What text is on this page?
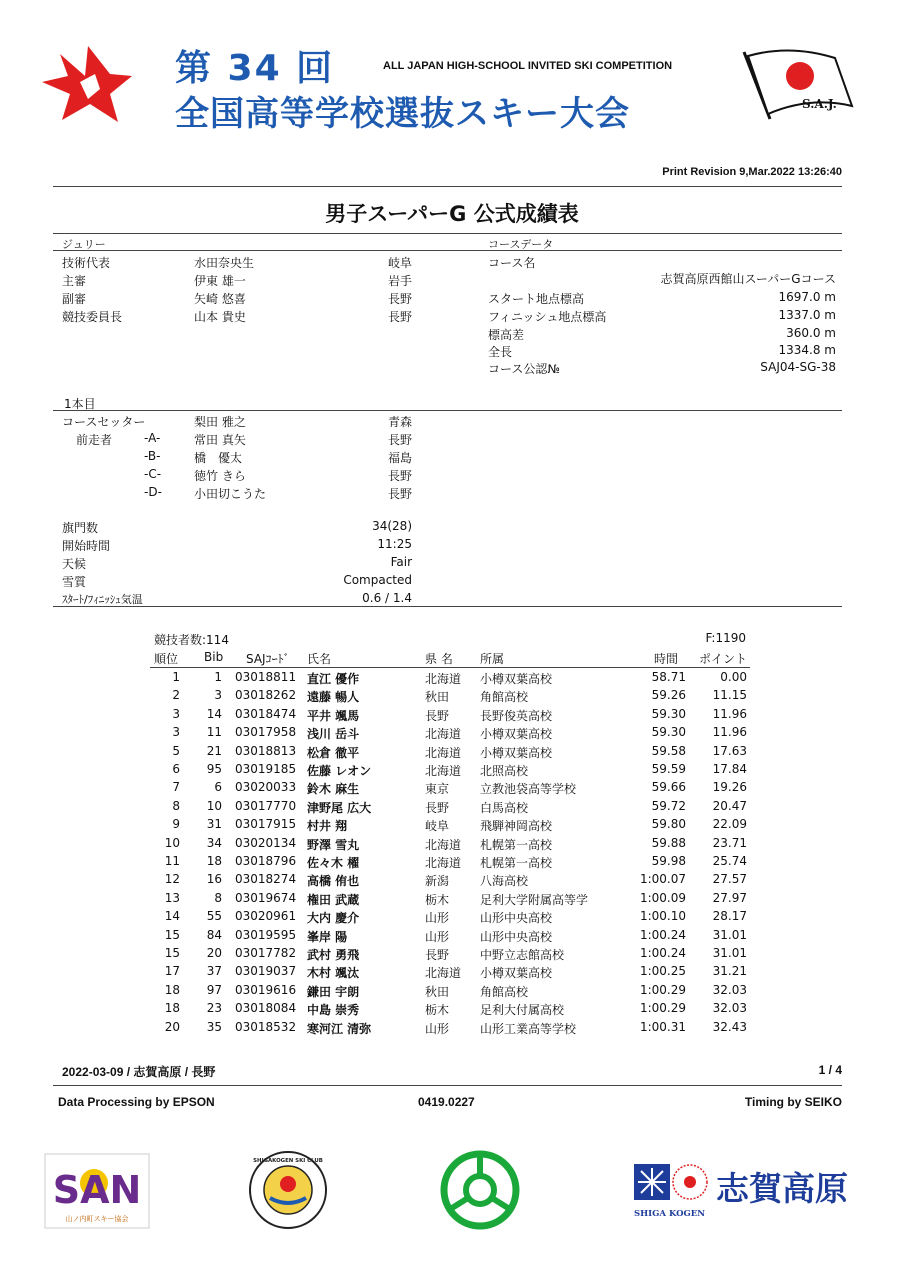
第 34 回	ALL JAPAN HIGH-SCHOOL INVITED SKI COMPETITION
全国高等学校選抜スキー大会	S.A.J.
Print Revision 9,Mar.2022 13:26:40
男子スーパーG 公式成績表
ジュリー	コースデータ
技術代表	水田奈央生	岐阜
主審	伊東 雄一	岩手
副審	矢崎 悠喜	長野
競技委員長	山本 貴史	長野
コース名
志賀高原西館山スーパーGコース
スタート地点標高	1697.0 m
フィニッシュ地点標高	1337.0 m
標高差	360.0 m
全長	1334.8 m
コース公認№	SAJ04-SG-38
1本目
コースセッター	梨田 雅之	青森
前走者	-A-	常田 真矢	長野
-B-	橋　優太	福島
-C-	徳竹 きら	長野
-D-	小田切こうた	長野
旗門数	34(28)
開始時間	11:25
天候	Fair
雪質	Compacted
ｽﾀｰﾄ/ﾌｨﾆｯｼｭ気温	0.6 / 1.4
競技者数:114	F:1190
順位 Bib SAJｺｰﾄﾞ 氏名	県 名 所属	時間 ポイント
1	1 03018811 直江 優作	北海道 小樽双葉高校	58.71	0.00
2	3 03018262 遠藤 暢人	秋田	角館高校	59.26 11.15
3 14 03018474 平井 颯馬	長野	長野俊英高校	59.30 11.96
3 11 03017958 浅川 岳斗	北海道 小樽双葉高校	59.30 11.96
5 21 03018813 松倉 徹平	北海道 小樽双葉高校	59.58 17.63
6 95 03019185 佐藤 レオン	北海道 北照高校	59.59 17.84
7	6 03020033 鈴木 麻生	東京	立教池袋高等学校	59.66 19.26
8 10 03017770 津野尾 広大	長野	白馬高校	59.72 20.47
9 31 03017915 村井 翔	岐阜	飛騨神岡高校	59.80 22.09
10 34 03020134 野澤 雪丸	北海道 札幌第一高校	59.88 23.71
11 18 03018796 佐々木 櫂	北海道 札幌第一高校	59.98 25.74
12 16 03018274 高橋 侑也	新潟	八海高校	1:00.07 27.57
13	8 03019674 権田 武蔵	栃木	足利大学附属高等学	1:00.09 27.97
14 55 03020961 大内 慶介	山形	山形中央高校	1:00.10 28.17
15 84 03019595 峯岸 陽	山形	山形中央高校	1:00.24 31.01
15 20 03017782 武村 勇飛	長野	中野立志館高校	1:00.24 31.01
17 37 03019037 木村 颯汰	北海道 小樽双葉高校	1:00.25 31.21
18 97 03019616 鎌田 宇朗	秋田	角館高校	1:00.29 32.03
18 23 03018084 中島 崇秀	栃木	足利大付属高校	1:00.29 32.03
20 35 03018532 寒河江 清弥	山形	山形工業高等学校	1:00.31 32.43
2022-03-09 / 志賀高原 / 長野	1 / 4
Data Processing by EPSON	0419.0227	Timing by SEIKO
SAN
山ノ内町スキー協会
SHIGAKOGEN SKI CLUB
SHIGA KOGEN
志賀高原
